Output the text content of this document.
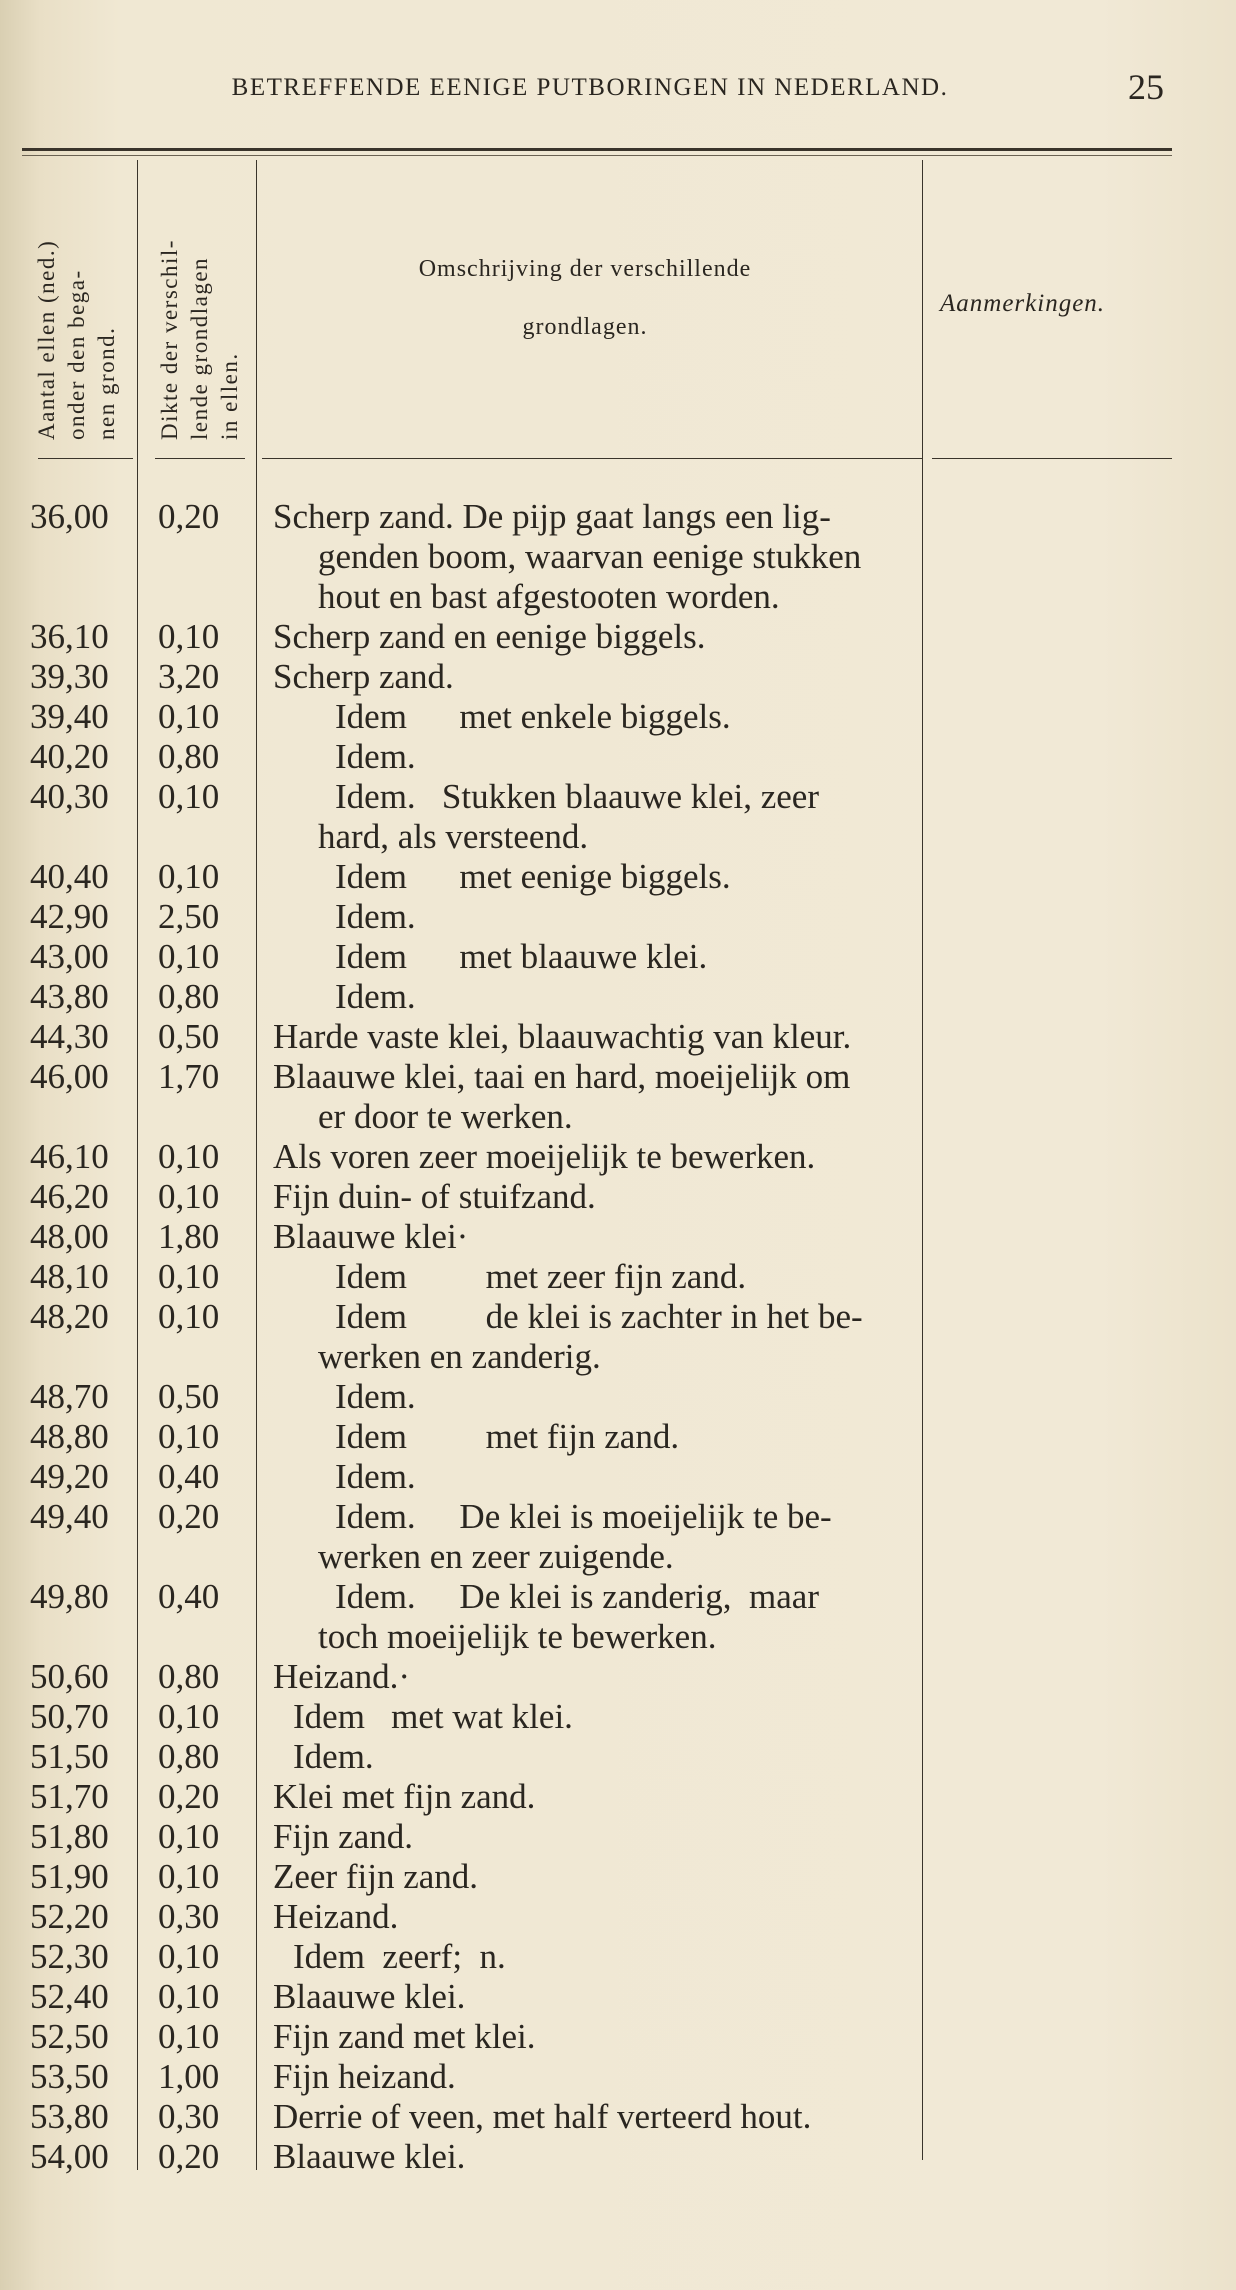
BETREFFENDE EENIGE PUTBORINGEN IN NEDERLAND.	25
Aantal ellen (ned.) onder den bega- nen grond. Dikte der verschil- lende grondlagen in ellen.
Omschrijving der verschillende
grondlagen.
Aanmerkingen.
36,00	0,20	Scherp zand. De pijp gaat langs een lig-
genden boom, waarvan eenige stukken
hout en bast afgestooten worden.
36,10	0,10	Scherp zand en eenige biggels.
39,30	3,20	Scherp zand.
39,40	0,10	Idem      met enkele biggels.
40,20	0,80	Idem.
40,30	0,10	Idem.   Stukken blaauwe klei, zeer
hard, als versteend.
40,40	0,10	Idem      met eenige biggels.
42,90	2,50	Idem.
43,00	0,10	Idem      met blaauwe klei.
43,80	0,80	Idem.
44,30	0,50	Harde vaste klei, blaauwachtig van kleur.
46,00	1,70	Blaauwe klei, taai en hard, moeijelijk om
er door te werken.
46,10	0,10	Als voren zeer moeijelijk te bewerken.
46,20	0,10	Fijn duin- of stuifzand.
48,00	1,80	Blaauwe klei·
48,10	0,10	Idem         met zeer fijn zand.
48,20	0,10	Idem         de klei is zachter in het be-
werken en zanderig.
48,70	0,50	Idem.
48,80	0,10	Idem         met fijn zand.
49,20	0,40	Idem.
49,40	0,20	Idem.     De klei is moeijelijk te be-
werken en zeer zuigende.
49,80	0,40	Idem.     De klei is zanderig,  maar
toch moeijelijk te bewerken.
50,60	0,80	Heizand.·
50,70	0,10	Idem   met wat klei.
51,50	0,80	Idem.
51,70	0,20	Klei met fijn zand.
51,80	0,10	Fijn zand.
51,90	0,10	Zeer fijn zand.
52,20	0,30	Heizand.
52,30	0,10	Idem  zeerf;  n.
52,40	0,10	Blaauwe klei.
52,50	0,10	Fijn zand met klei.
53,50	1,00	Fijn heizand.
53,80	0,30	Derrie of veen, met half verteerd hout.
54,00	0,20	Blaauwe klei.
